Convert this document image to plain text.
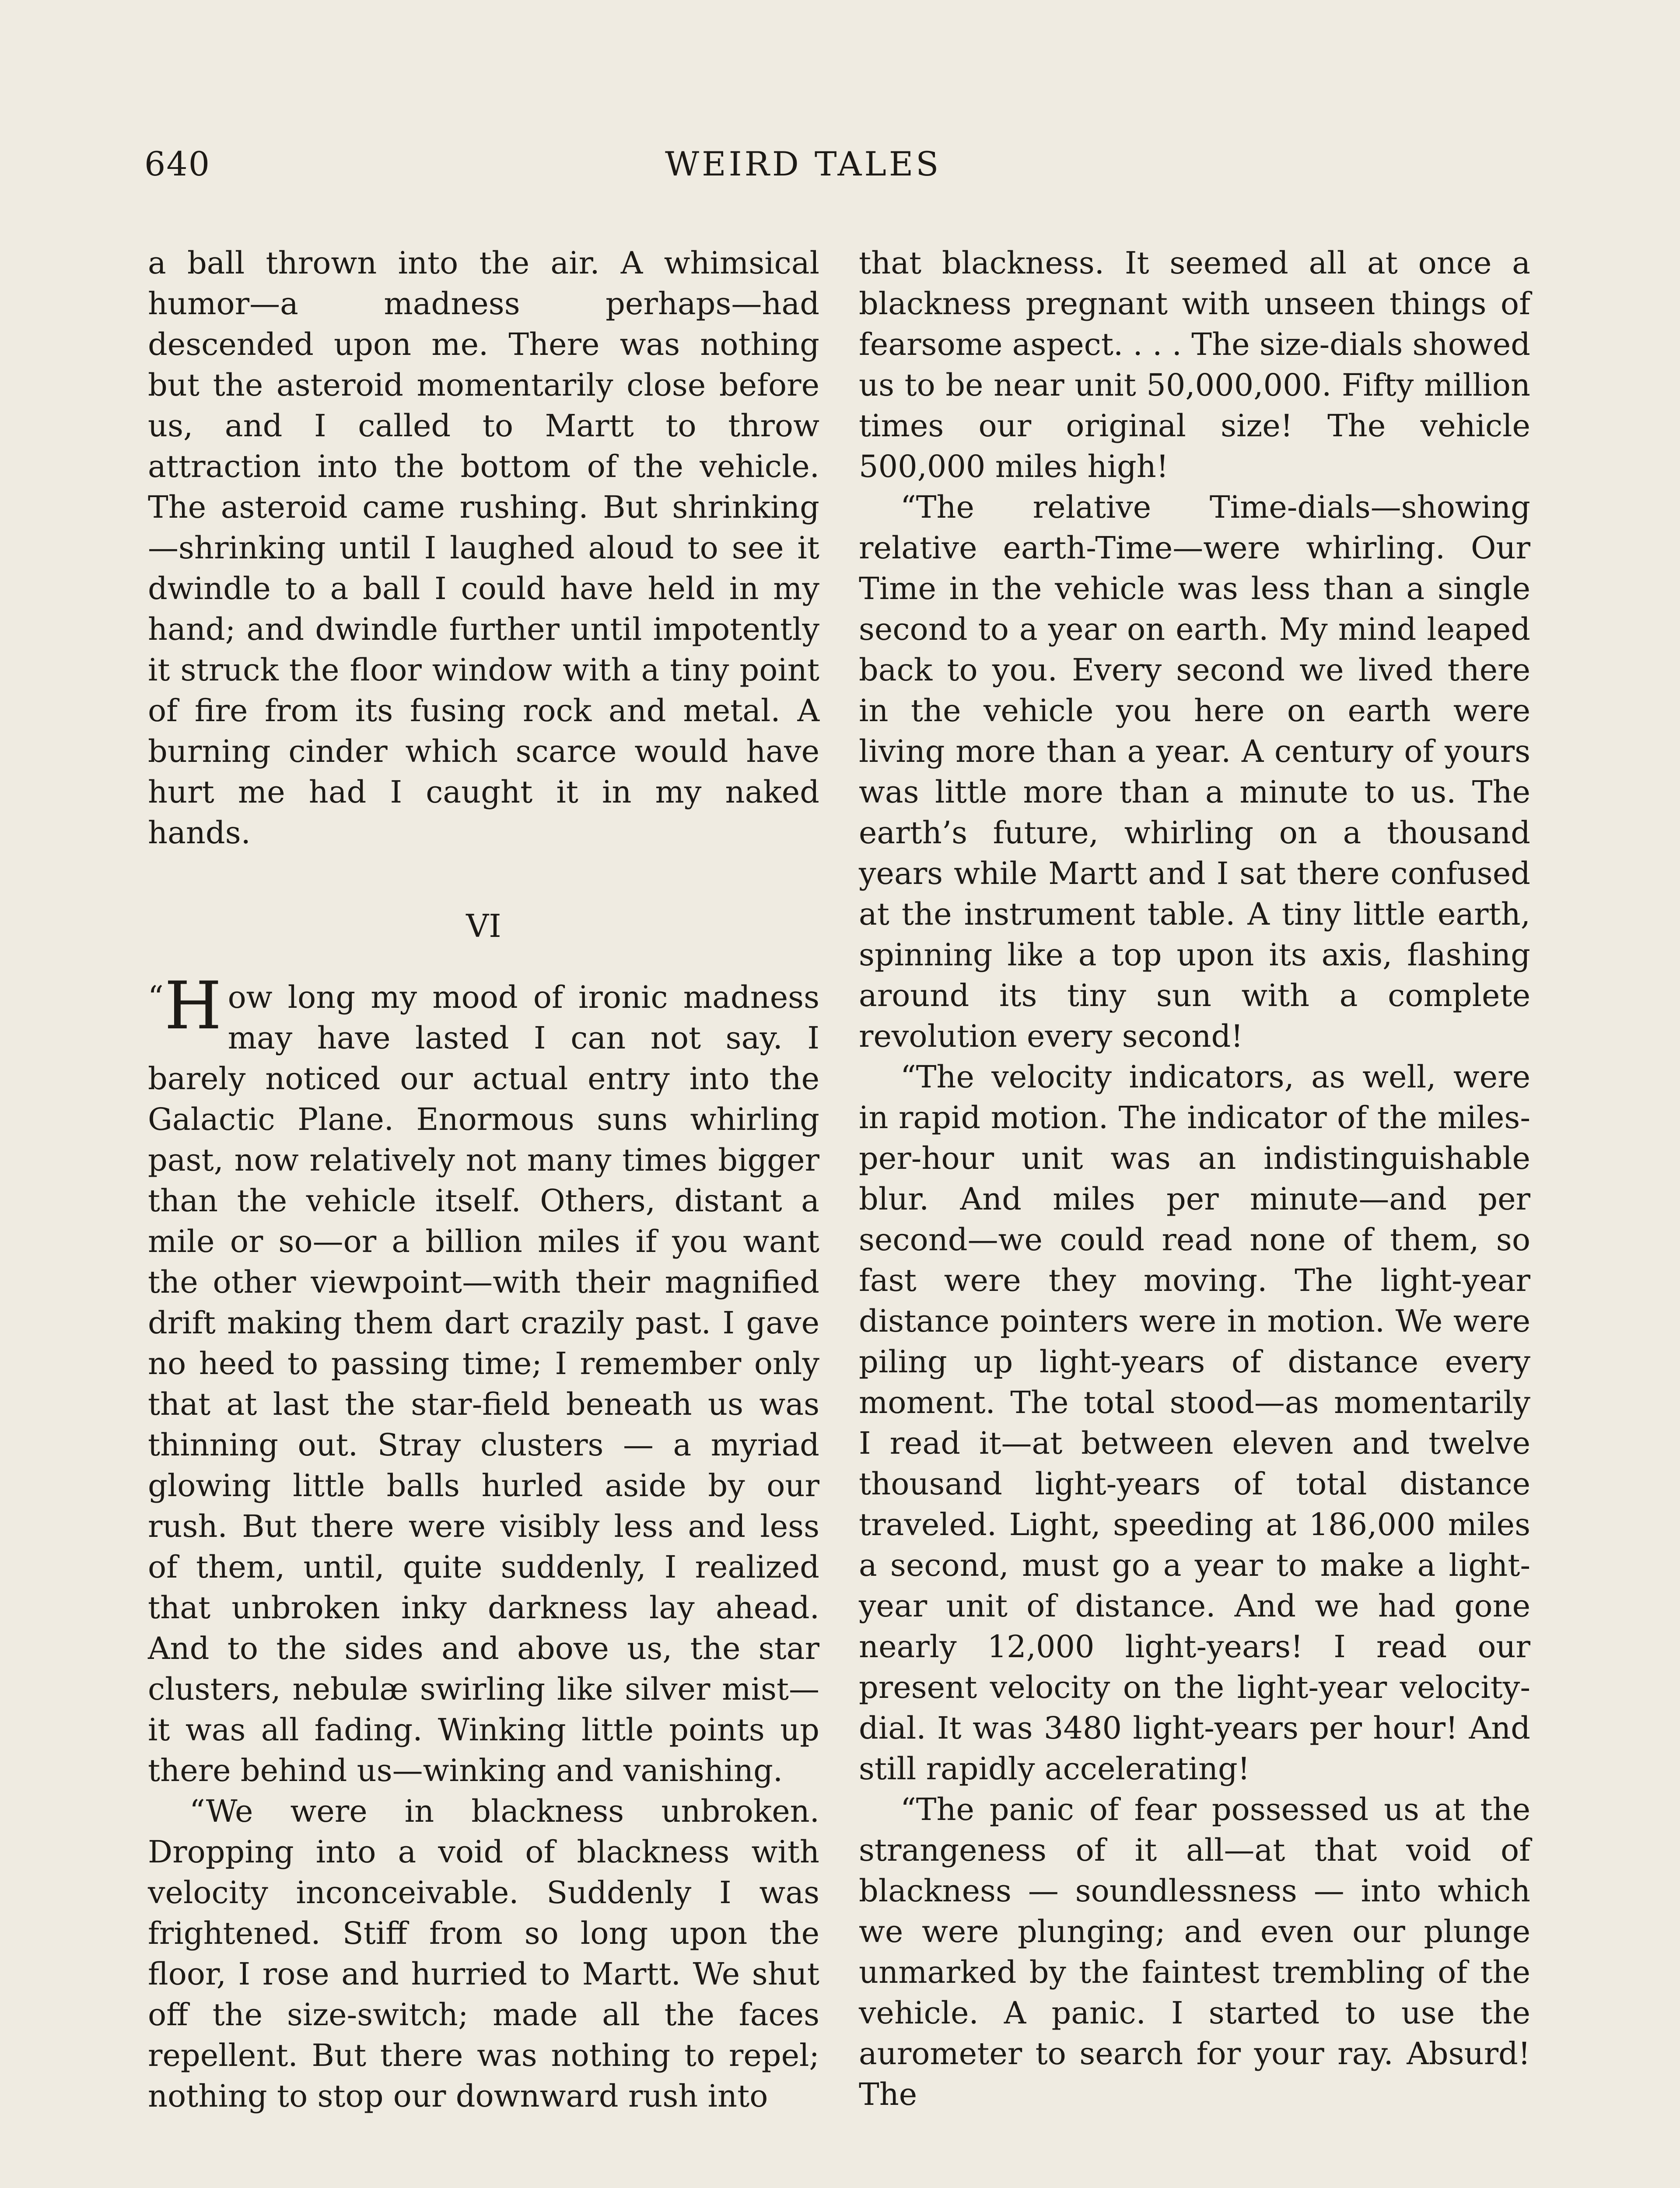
640	WEIRD TALES

a ball thrown into the air. A whimsical humor—a madness perhaps—had descended upon me. There was nothing but the asteroid momentarily close before us, and I called to Martt to throw attraction into the bottom of the vehicle. The asteroid came rushing. But shrinking—shrinking until I laughed aloud to see it dwindle to a ball I could have held in my hand; and dwindle further until impotently it struck the floor window with a tiny point of fire from its fusing rock and metal. A burning cinder which scarce would have hurt me had I caught it in my naked hands.

VI

“ H ow long my mood of ironic madness may have lasted I can not say. I barely noticed our actual entry into the Galactic Plane. Enormous suns whirling past, now relatively not many times bigger than the vehicle itself. Others, distant a mile or so—or a billion miles if you want the other viewpoint—with their magnified drift making them dart crazily past. I gave no heed to passing time; I remember only that at last the star-field beneath us was thinning out. Stray clusters — a myriad glowing little balls hurled aside by our rush. But there were visibly less and less of them, until, quite suddenly, I realized that unbroken inky darkness lay ahead. And to the sides and above us, the star clusters, nebulæ swirling like silver mist—it was all fading. Winking little points up there behind us—winking and vanishing.

“We were in blackness unbroken. Dropping into a void of blackness with velocity inconceivable. Suddenly I was frightened. Stiff from so long upon the floor, I rose and hurried to Martt. We shut off the size-switch; made all the faces repellent. But there was nothing to repel; nothing to stop our downward rush into

that blackness. It seemed all at once a blackness pregnant with unseen things of fearsome aspect. . . . The size-dials showed us to be near unit 50,000,000. Fifty million times our original size! The vehicle 500,000 miles high!

“The relative Time-dials—showing relative earth-Time—were whirling. Our Time in the vehicle was less than a single second to a year on earth. My mind leaped back to you. Every second we lived there in the vehicle you here on earth were living more than a year. A century of yours was little more than a minute to us. The earth’s future, whirling on a thousand years while Martt and I sat there confused at the instrument table. A tiny little earth, spinning like a top upon its axis, flashing around its tiny sun with a complete revolution every second!

“The velocity indicators, as well, were in rapid motion. The indicator of the miles-per-hour unit was an indistinguishable blur. And miles per minute—and per second—we could read none of them, so fast were they moving. The light-year distance pointers were in motion. We were piling up light-years of distance every moment. The total stood—as momentarily I read it—at between eleven and twelve thousand light-years of total distance traveled. Light, speeding at 186,000 miles a second, must go a year to make a light-year unit of distance. And we had gone nearly 12,000 light-years! I read our present velocity on the light-year velocity-dial. It was 3480 light-years per hour! And still rapidly accelerating!

“The panic of fear possessed us at the strangeness of it all—at that void of blackness — soundlessness — into which we were plunging; and even our plunge unmarked by the faintest trembling of the vehicle. A panic. I started to use the aurometer to search for your ray. Absurd! The
